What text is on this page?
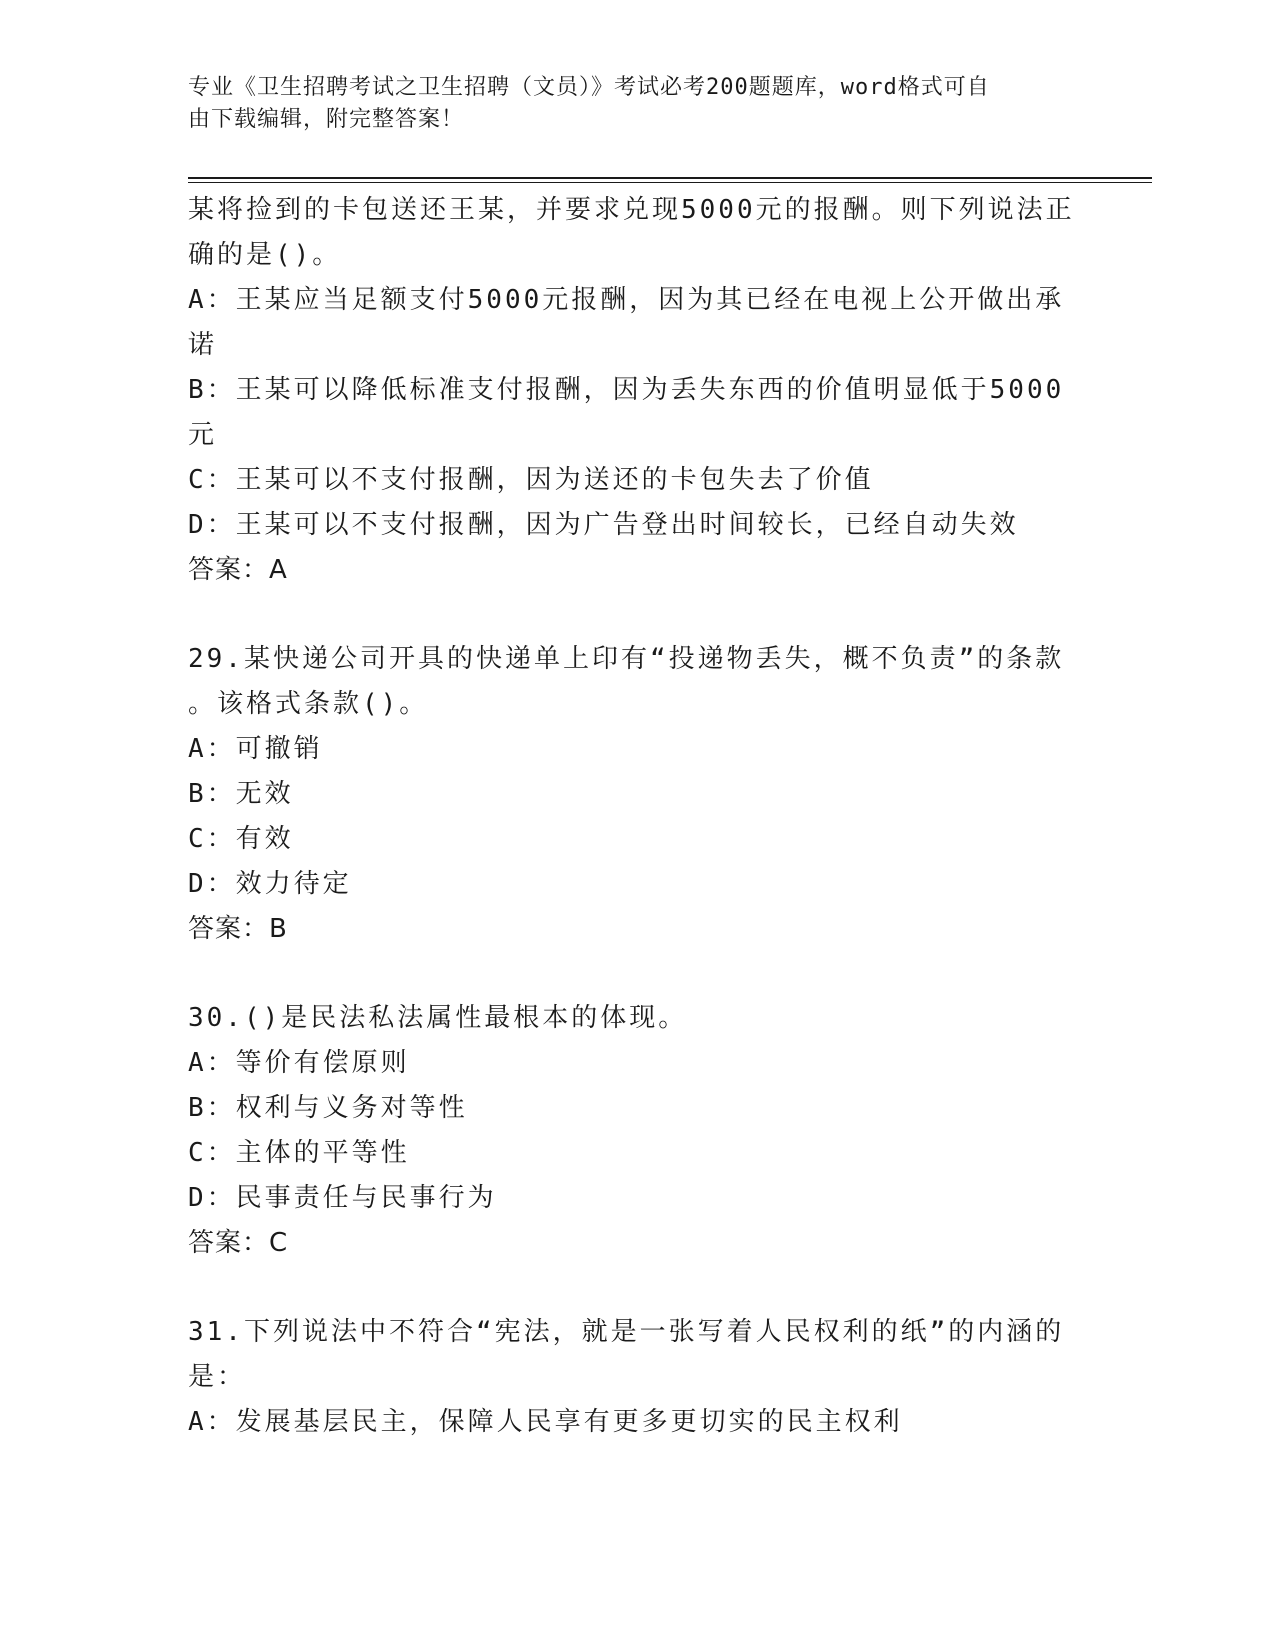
专业《卫生招聘考试之卫生招聘（文员）》考试必考200题题库，word格式可自
由下载编辑，附完整答案！
某将捡到的卡包送还王某，并要求兑现5000元的报酬。则下列说法正
确的是()。
A：王某应当足额支付5000元报酬，因为其已经在电视上公开做出承
诺
B：王某可以降低标准支付报酬，因为丢失东西的价值明显低于5000
元
C：王某可以不支付报酬，因为送还的卡包失去了价值
D：王某可以不支付报酬，因为广告登出时间较长，已经自动失效
答案：A
29.某快递公司开具的快递单上印有“投递物丢失，概不负责”的条款
。该格式条款()。
A：可撤销
B：无效
C：有效
D：效力待定
答案：B
30.()是民法私法属性最根本的体现。
A：等价有偿原则
B：权利与义务对等性
C：主体的平等性
D：民事责任与民事行为
答案：C
31.下列说法中不符合“宪法，就是一张写着人民权利的纸”的内涵的
是：
A：发展基层民主，保障人民享有更多更切实的民主权利
